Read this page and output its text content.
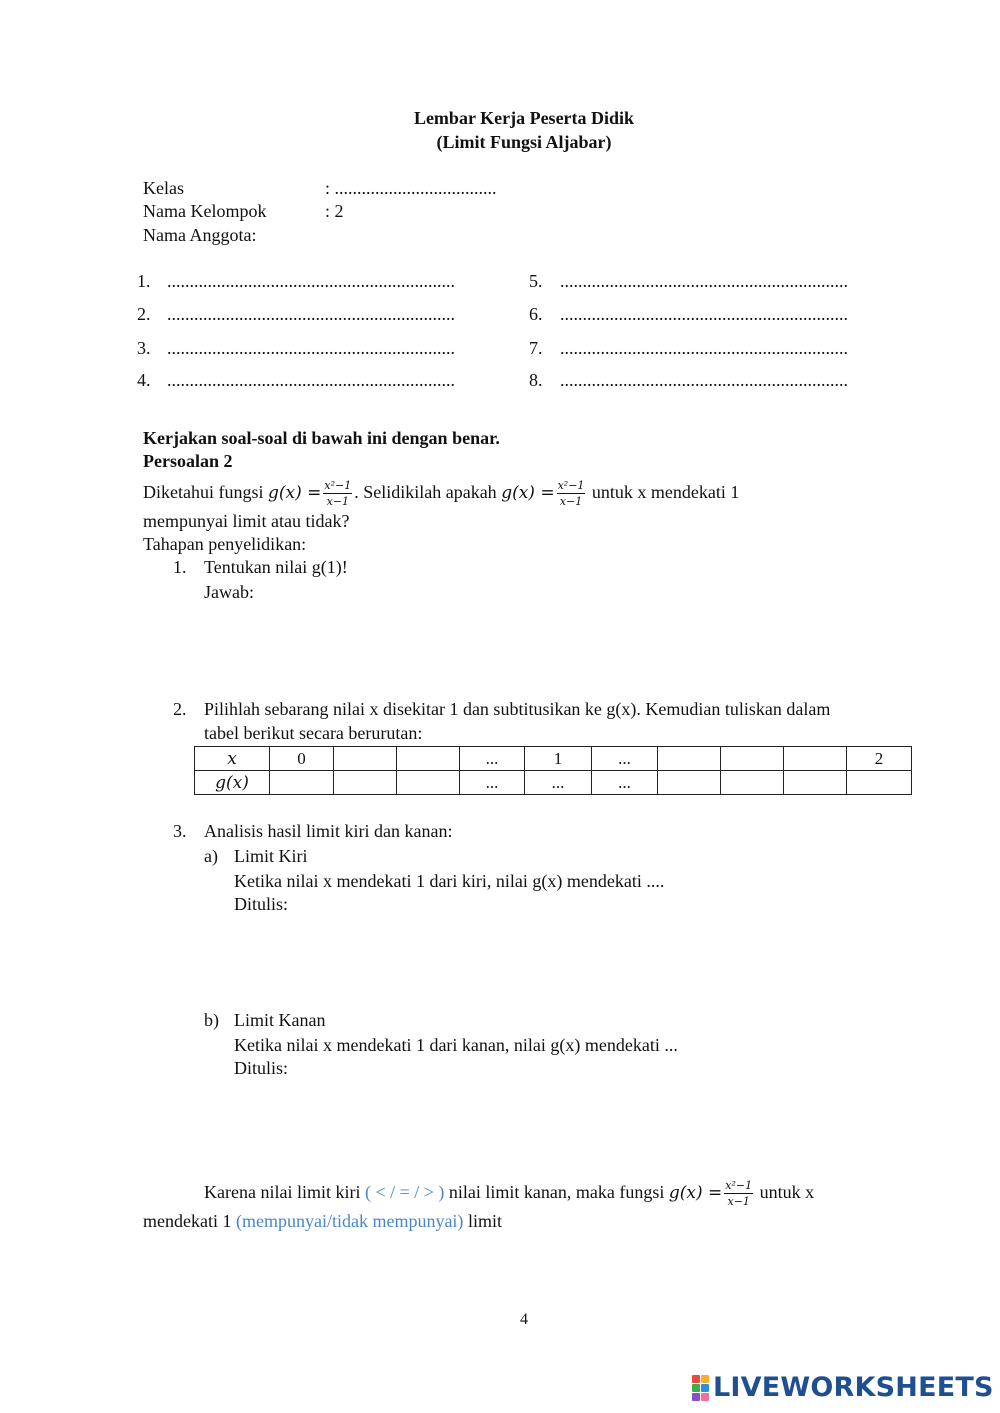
Lembar Kerja Peserta Didik
(Limit Fungsi Aljabar)
Kelas	: ....................................
Nama Kelompok	: 2
Nama Anggota:
1. ................................................................
2. ................................................................
3. ................................................................
4. ................................................................
5. ................................................................
6. ................................................................
7. ................................................................
8. ................................................................
Kerjakan soal-soal di bawah ini dengan benar.
Persoalan 2
Diketahui fungsi $g(x) = \frac{\text{x²−1}}{x-1}$ . Selidikilah apakah $g(x) = \frac{\text{x²−1}}{x-1}$ untuk x mendekati 1
mempunyai limit atau tidak?
Tahapan penyelidikan:
1. Tentukan nilai g(1)!
Jawab:
2. Pilihlah sebarang nilai x disekitar 1 dan subtitusikan ke g(x). Kemudian tuliskan dalam
tabel berikut secara berurutan:
x	0			...	1	...				2
g(x)				...	...	...				
3. Analisis hasil limit kiri dan kanan:
a) Limit Kiri
Ketika nilai x mendekati 1 dari kiri, nilai g(x) mendekati ....
Ditulis:
b) Limit Kanan
Ketika nilai x mendekati 1 dari kanan, nilai g(x) mendekati ...
Ditulis:
Karena nilai limit kiri ( < / = / > ) nilai limit kanan, maka fungsi $g(x) = \frac{\text{x²−1}}{x-1}$ untuk x
mendekati 1 (mempunyai/tidak mempunyai) limit
4
LIVEWORKSHEETS
